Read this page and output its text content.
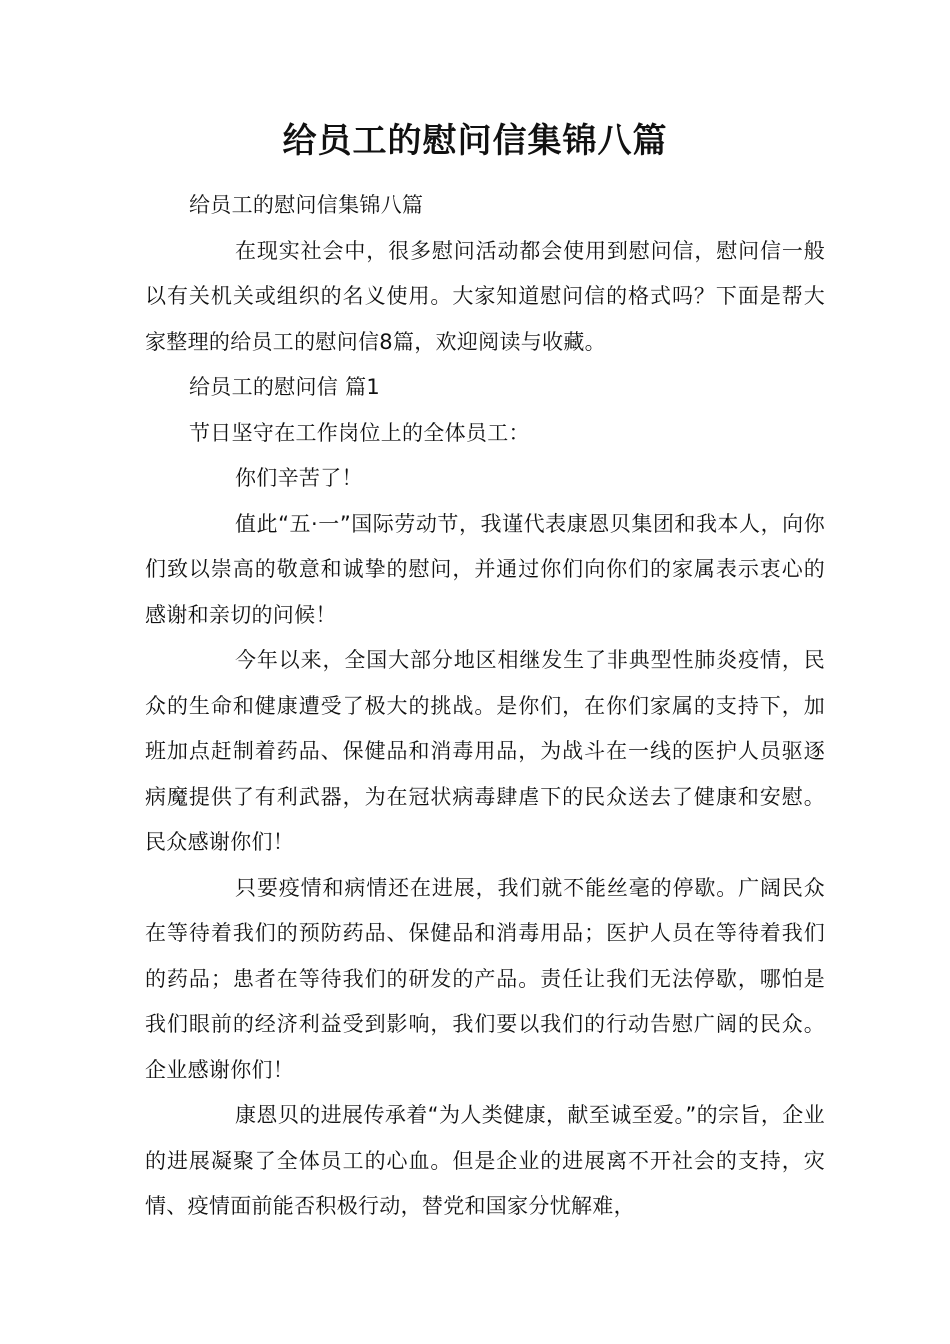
给员工的慰问信集锦八篇

给员工的慰问信集锦八篇

在现实社会中，很多慰问活动都会使用到慰问信，慰问信一般以有关机关或组织的名义使用。大家知道慰问信的格式吗？下面是帮大家整理的给员工的慰问信8篇，欢迎阅读与收藏。

给员工的慰问信 篇1

节日坚守在工作岗位上的全体员工：

你们辛苦了！

值此“五·一”国际劳动节，我谨代表康恩贝集团和我本人，向你们致以崇高的敬意和诚挚的慰问，并通过你们向你们的家属表示衷心的感谢和亲切的问候！

今年以来，全国大部分地区相继发生了非典型性肺炎疫情，民众的生命和健康遭受了极大的挑战。是你们，在你们家属的支持下，加班加点赶制着药品、保健品和消毒用品，为战斗在一线的医护人员驱逐病魔提供了有利武器，为在冠状病毒肆虐下的民众送去了健康和安慰。民众感谢你们！

只要疫情和病情还在进展，我们就不能丝毫的停歇。广阔民众在等待着我们的预防药品、保健品和消毒用品；医护人员在等待着我们的药品；患者在等待我们的研发的产品。责任让我们无法停歇，哪怕是我们眼前的经济利益受到影响，我们要以我们的行动告慰广阔的民众。企业感谢你们！

康恩贝的进展传承着“为人类健康，献至诚至爱。”的宗旨，企业的进展凝聚了全体员工的心血。但是企业的进展离不开社会的支持，灾情、疫情面前能否积极行动，替党和国家分忧解难，
